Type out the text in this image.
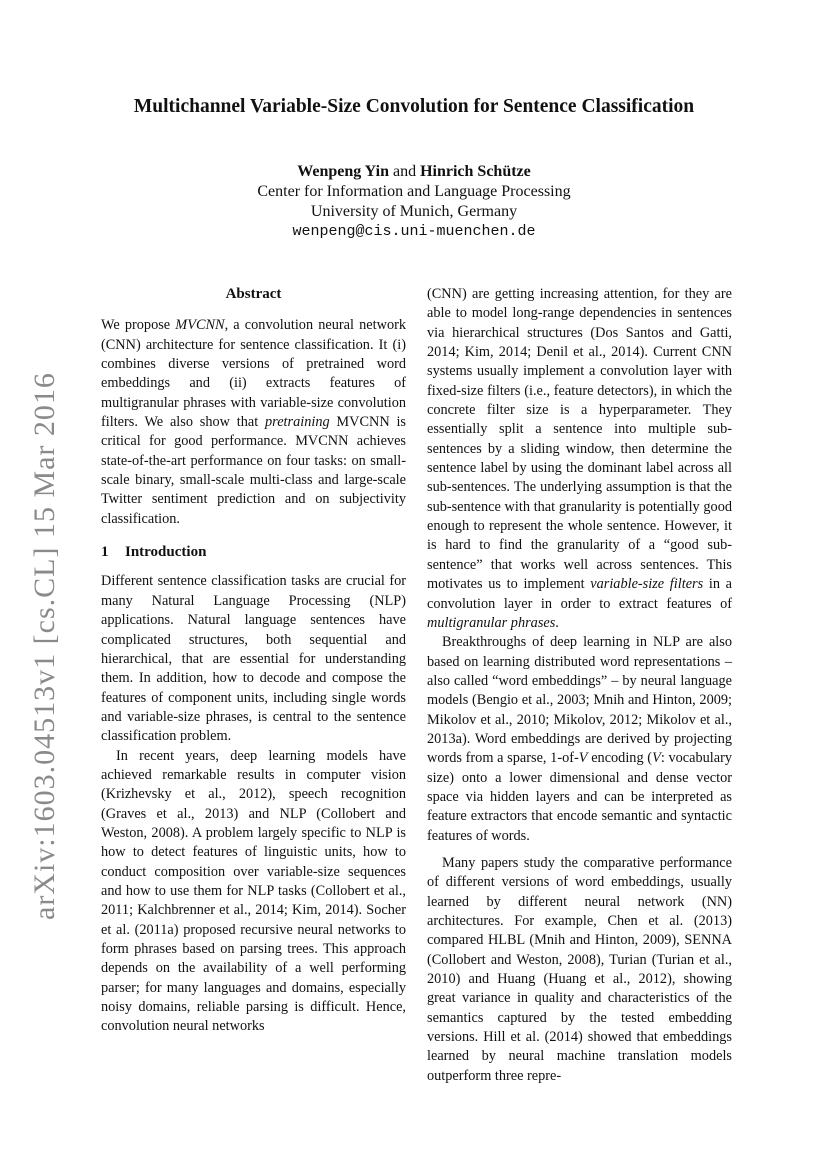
arXiv:1603.04513v1 [cs.CL] 15 Mar 2016
Multichannel Variable-Size Convolution for Sentence Classification
Wenpeng Yin and Hinrich Schütze
Center for Information and Language Processing
University of Munich, Germany
wenpeng@cis.uni-muenchen.de
Abstract

We propose MVCNN, a convolution neural network (CNN) architecture for sentence classification. It (i) combines diverse versions of pretrained word embeddings and (ii) extracts features of multigranular phrases with variable-size convolution filters. We also show that pretraining MVCNN is critical for good performance. MVCNN achieves state-of-the-art performance on four tasks: on small-scale binary, small-scale multi-class and large-scale Twitter sentiment prediction and on subjectivity classification.

1	Introduction

Different sentence classification tasks are crucial for many Natural Language Processing (NLP) applications. Natural language sentences have complicated structures, both sequential and hierarchical, that are essential for understanding them. In addition, how to decode and compose the features of component units, including single words and variable-size phrases, is central to the sentence classification problem.

In recent years, deep learning models have achieved remarkable results in computer vision (Krizhevsky et al., 2012), speech recognition (Graves et al., 2013) and NLP (Collobert and Weston, 2008). A problem largely specific to NLP is how to detect features of linguistic units, how to conduct composition over variable-size sequences and how to use them for NLP tasks (Collobert et al., 2011; Kalchbrenner et al., 2014; Kim, 2014). Socher et al. (2011a) proposed recursive neural networks to form phrases based on parsing trees. This approach depends on the availability of a well performing parser; for many languages and domains, especially noisy domains, reliable parsing is difficult. Hence, convolution neural networks

(CNN) are getting increasing attention, for they are able to model long-range dependencies in sentences via hierarchical structures (Dos Santos and Gatti, 2014; Kim, 2014; Denil et al., 2014). Current CNN systems usually implement a convolution layer with fixed-size filters (i.e., feature detectors), in which the concrete filter size is a hyperparameter. They essentially split a sentence into multiple sub-sentences by a sliding window, then determine the sentence label by using the dominant label across all sub-sentences. The underlying assumption is that the sub-sentence with that granularity is potentially good enough to represent the whole sentence. However, it is hard to find the granularity of a “good sub-sentence” that works well across sentences. This motivates us to implement variable-size filters in a convolution layer in order to extract features of multigranular phrases.

Breakthroughs of deep learning in NLP are also based on learning distributed word representations – also called “word embeddings” – by neural language models (Bengio et al., 2003; Mnih and Hinton, 2009; Mikolov et al., 2010; Mikolov, 2012; Mikolov et al., 2013a). Word embeddings are derived by projecting words from a sparse, 1-of-V encoding (V: vocabulary size) onto a lower dimensional and dense vector space via hidden layers and can be interpreted as feature extractors that encode semantic and syntactic features of words.

Many papers study the comparative performance of different versions of word embeddings, usually learned by different neural network (NN) architectures. For example, Chen et al. (2013) compared HLBL (Mnih and Hinton, 2009), SENNA (Collobert and Weston, 2008), Turian (Turian et al., 2010) and Huang (Huang et al., 2012), showing great variance in quality and characteristics of the semantics captured by the tested embedding versions. Hill et al. (2014) showed that embeddings learned by neural machine translation models outperform three repre-
